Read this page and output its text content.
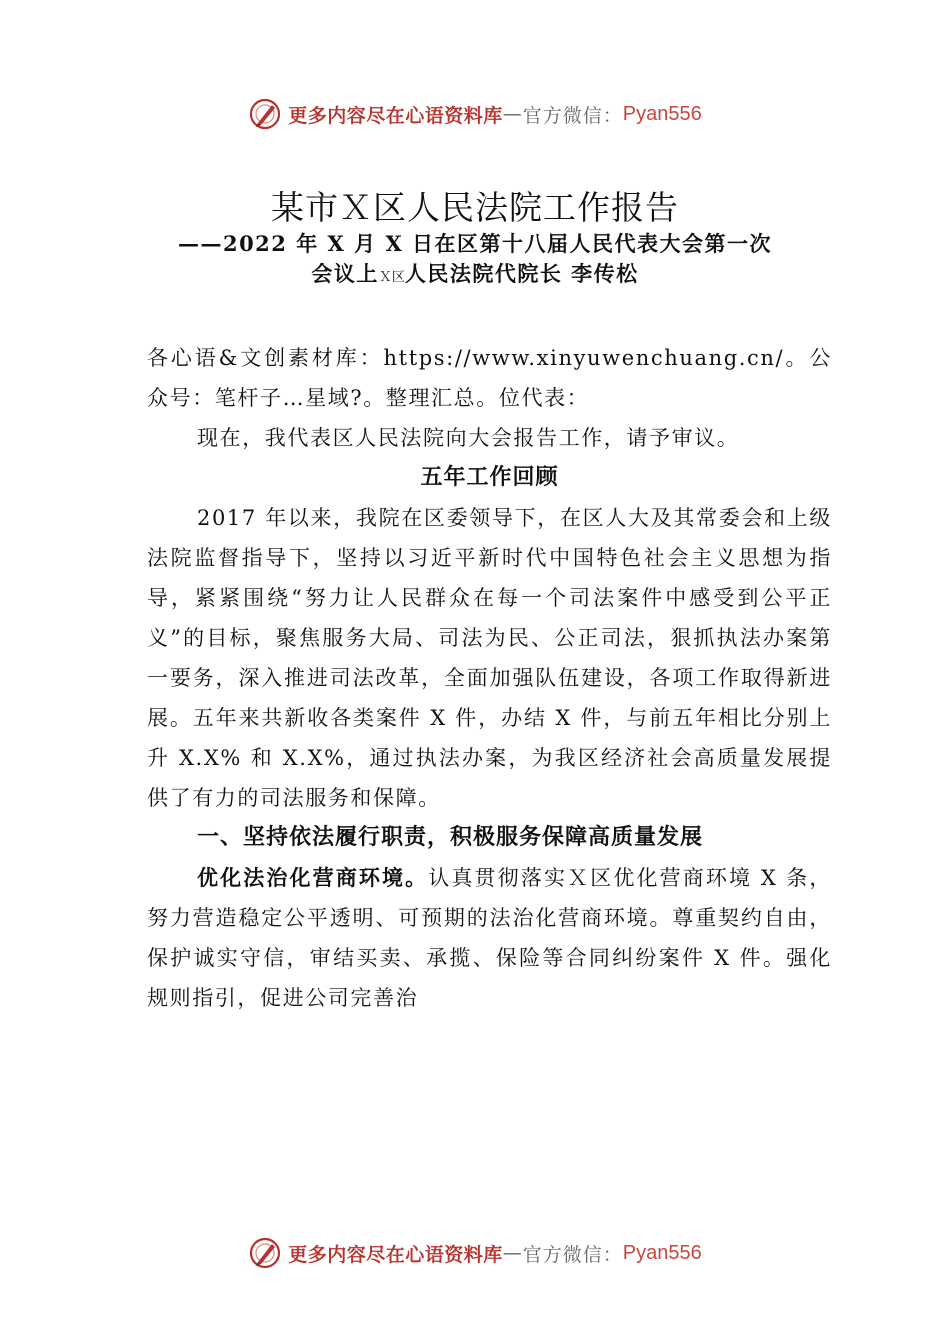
更多内容尽在心语资料库 — 官方微信： Pyan556
某市Ｘ区人民法院工作报告
——2022 年 X 月 X 日在区第十八届人民代表大会第一次
会议上Ｘ区人民法院代院长 李传松

各心语&文创素材库：https://www.xinyuwenchuang.cn/。公众号：笔杆子…星域?。整理汇总。位代表：

现在，我代表区人民法院向大会报告工作，请予审议。

五年工作回顾

2017 年以来，我院在区委领导下，在区人大及其常委会和上级法院监督指导下，坚持以习近平新时代中国特色社会主义思想为指导，紧紧围绕“努力让人民群众在每一个司法案件中感受到公平正义”的目标，聚焦服务大局、司法为民、公正司法，狠抓执法办案第一要务，深入推进司法改革，全面加强队伍建设，各项工作取得新进展。五年来共新收各类案件 X 件，办结 X 件，与前五年相比分别上升 X.X% 和 X.X%，通过执法办案，为我区经济社会高质量发展提供了有力的司法服务和保障。

一、坚持依法履行职责，积极服务保障高质量发展

优化法治化营商环境。认真贯彻落实Ｘ区优化营商环境 X 条，努力营造稳定公平透明、可预期的法治化营商环境。尊重契约自由，保护诚实守信，审结买卖、承揽、保险等合同纠纷案件 X 件。强化规则指引，促进公司完善治

更多内容尽在心语资料库 — 官方微信： Pyan556
